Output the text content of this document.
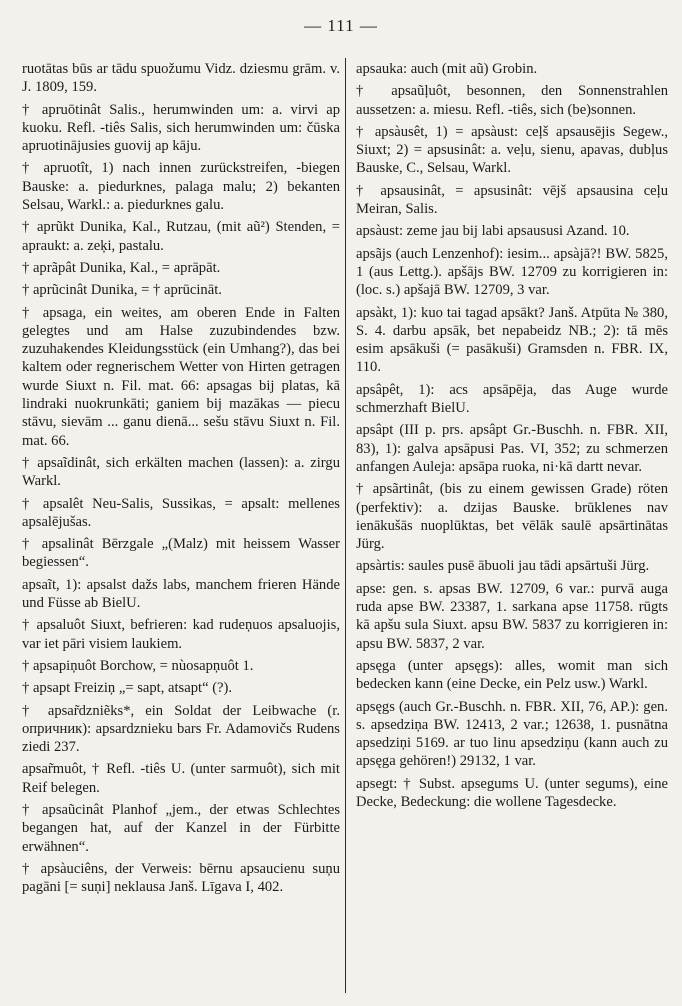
— 111 —

ruotātas būs ar tādu spuožumu Vidz. dziesmu grām. v. J. 1809, 159.

† apruōtinât Salis., herumwinden um: a. virvi ap kuoku. Refl. -tiês Salis, sich herumwinden um: čūska apruotinājusies guovij ap kāju.

† apruotît, 1) nach innen zurückstreifen, -biegen Bauske: a. piedurknes, palaga malu; 2) bekanten Selsau, Warkl.: a. piedurknes galu.

† aprũkt Dunika, Kal., Rutzau, (mit aũ²) Stenden, = apraukt: a. zeķi, pastalu.

† aprãpât Dunika, Kal., = aprāpāt.

† aprũcinât Dunika, = † aprūcināt.

† apsaga, ein weites, am oberen Ende in Falten gelegtes und am Halse zuzubindendes bzw. zuzuhakendes Kleidungsstück (ein Umhang?), das bei kaltem oder regnerischem Wetter von Hirten getragen wurde Siuxt n. Fil. mat. 66: apsagas bij platas, kā lindraki nuokrunkāti; ganiem bij mazākas — piecu stāvu, sievām ... ganu dienā... sešu stāvu Siuxt n. Fil. mat. 66.

† apsaĩdinât, sich erkälten machen (lassen): a. zirgu Warkl.

† apsalêt Neu-Salis, Sussikas, = apsalt: mellenes apsalējušas.

† apsalinât Bērzgale „(Malz) mit heissem Wasser begiessen“.

apsaĩt, 1): apsalst dažs labs, manchem frieren Hände und Füsse ab BielU.

† apsaluôt Siuxt, befrieren: kad rudeņuos apsaluojis, var iet pāri visiem laukiem.

† apsapiņuôt Borchow, = nùosapņuôt 1.

† apsapt Freiziņ „= sapt, atsapt“ (?).

† apsar̃dzniẽks*, ein Soldat der Leibwache (r. опричник): apsardznieku bars Fr. Adamovičs Rudens ziedi 237.

apsar̃muôt, † Refl. -tiês U. (unter sarmuôt), sich mit Reif belegen.

† apsaũcinât Planhof „jem., der etwas Schlechtes begangen hat, auf der Kanzel in der Fürbitte erwähnen“.

† apsàuciêns, der Verweis: bērnu apsaucienu suņu pagāni [= suņi] neklausa Janš. Līgava I, 402.

apsauka: auch (mit aũ) Grobin.

† apsaũļuôt, besonnen, den Sonnenstrahlen aussetzen: a. miesu. Refl. -tiês, sich (be)sonnen.

† apsàusêt, 1) = apsàust: ceļš apsausējis Segew., Siuxt; 2) = apsusinât: a. veļu, sienu, apavas, dubļus Bauske, C., Selsau, Warkl.

† apsausinât, = apsusinât: vējš apsausina ceļu Meiran, Salis.

apsàust: zeme jau bij labi apsaususi Azand. 10.

apsãjs (auch Lenzenhof): iesim... apsàjā?! BW. 5825, 1 (aus Lettg.). apšājs BW. 12709 zu korrigieren in: (loc. s.) apšajā BW. 12709, 3 var.

apsàkt, 1): kuo tai tagad apsākt? Janš. Atpūta № 380, S. 4. darbu apsāk, bet nepabeidz NB.; 2): tā mēs esim apsākuši (= pasākuši) Gramsden n. FBR. IX, 110.

apsâpêt, 1): acs apsāpēja, das Auge wurde schmerzhaft BielU.

apsâpt (III p. prs. apsâpt Gr.-Buschh. n. FBR. XII, 83), 1): galva apsāpusi Pas. VI, 352; zu schmerzen anfangen Auleja: apsāpa ruoka, ni·kā dartt nevar.

† apsãrtinât, (bis zu einem gewissen Grade) röten (perfektiv): a. dzijas Bauske. brūklenes nav ienākušās nuoplūktas, bet vēlāk saulē apsārtinātas Jürg.

apsàrtis: saules pusē ābuoli jau tādi apsārtuši Jürg.

apse: gen. s. apsas BW. 12709, 6 var.: purvā auga ruda apse BW. 23387, 1. sarkana apse 11758. rūgts kā apšu sula Siuxt. apsu BW. 5837 zu korrigieren in: apsu BW. 5837, 2 var.

apsęga (unter apsęgs): alles, womit man sich bedecken kann (eine Decke, ein Pelz usw.) Warkl.

apsęgs (auch Gr.-Buschh. n. FBR. XII, 76, AP.): gen. s. apsedziņa BW. 12413, 2 var.; 12638, 1. pusnātna apsedziņi 5169. ar tuo linu apsedziņu (kann auch zu apsęga gehören!) 29132, 1 var.

apsegt: † Subst. apsegums U. (unter segums), eine Decke, Bedeckung: die wollene Tagesdecke.
